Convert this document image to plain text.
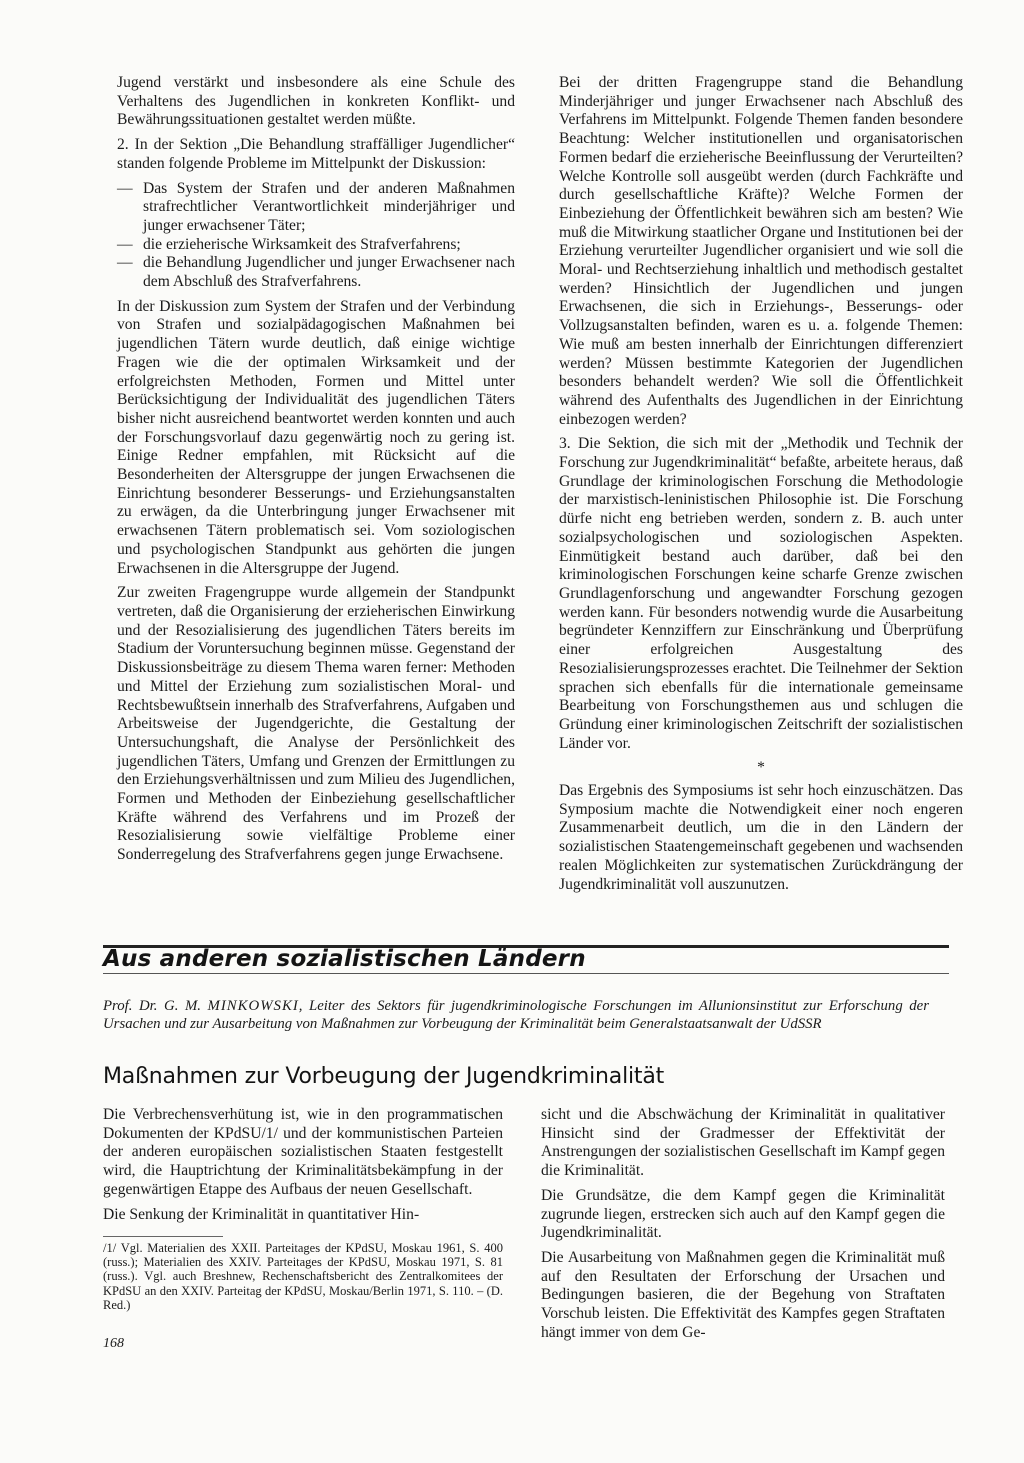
Jugend verstärkt und insbesondere als eine Schule des Verhaltens des Jugendlichen in konkreten Konflikt- und Bewährungssituationen gestaltet werden müßte.

2. In der Sektion „Die Behandlung straffälliger Jugendlicher“ standen folgende Probleme im Mittelpunkt der Diskussion:

— Das System der Strafen und der anderen Maßnahmen strafrechtlicher Verantwortlichkeit minderjähriger und junger erwachsener Täter;
— die erzieherische Wirksamkeit des Strafverfahrens;
— die Behandlung Jugendlicher und junger Erwachsener nach dem Abschluß des Strafverfahrens.

In der Diskussion zum System der Strafen und der Verbindung von Strafen und sozialpädagogischen Maßnahmen bei jugendlichen Tätern wurde deutlich, daß einige wichtige Fragen wie die der optimalen Wirksamkeit und der erfolgreichsten Methoden, Formen und Mittel unter Berücksichtigung der Individualität des jugendlichen Täters bisher nicht ausreichend beantwortet werden konnten und auch der Forschungsvorlauf dazu gegenwärtig noch zu gering ist. Einige Redner empfahlen, mit Rücksicht auf die Besonderheiten der Altersgruppe der jungen Erwachsenen die Einrichtung besonderer Besserungs- und Erziehungsanstalten zu erwägen, da die Unterbringung junger Erwachsener mit erwachsenen Tätern problematisch sei. Vom soziologischen und psychologischen Standpunkt aus gehörten die jungen Erwachsenen in die Altersgruppe der Jugend.

Zur zweiten Fragengruppe wurde allgemein der Standpunkt vertreten, daß die Organisierung der erzieherischen Einwirkung und der Resozialisierung des jugendlichen Täters bereits im Stadium der Voruntersuchung beginnen müsse. Gegenstand der Diskussionsbeiträge zu diesem Thema waren ferner: Methoden und Mittel der Erziehung zum sozialistischen Moral- und Rechtsbewußtsein innerhalb des Strafverfahrens, Aufgaben und Arbeitsweise der Jugendgerichte, die Gestaltung der Untersuchungshaft, die Analyse der Persönlichkeit des jugendlichen Täters, Umfang und Grenzen der Ermittlungen zu den Erziehungsverhältnissen und zum Milieu des Jugendlichen, Formen und Methoden der Einbeziehung gesellschaftlicher Kräfte während des Verfahrens und im Prozeß der Resozialisierung sowie vielfältige Probleme einer Sonderregelung des Strafverfahrens gegen junge Erwachsene.

Bei der dritten Fragengruppe stand die Behandlung Minderjähriger und junger Erwachsener nach Abschluß des Verfahrens im Mittelpunkt. Folgende Themen fanden besondere Beachtung: Welcher institutionellen und organisatorischen Formen bedarf die erzieherische Beeinflussung der Verurteilten? Welche Kontrolle soll ausgeübt werden (durch Fachkräfte und durch gesellschaftliche Kräfte)? Welche Formen der Einbeziehung der Öffentlichkeit bewähren sich am besten? Wie muß die Mitwirkung staatlicher Organe und Institutionen bei der Erziehung verurteilter Jugendlicher organisiert und wie soll die Moral- und Rechtserziehung inhaltlich und methodisch gestaltet werden? Hinsichtlich der Jugendlichen und jungen Erwachsenen, die sich in Erziehungs-, Besserungs- oder Vollzugsanstalten befinden, waren es u. a. folgende Themen: Wie muß am besten innerhalb der Einrichtungen differenziert werden? Müssen bestimmte Kategorien der Jugendlichen besonders behandelt werden? Wie soll die Öffentlichkeit während des Aufenthalts des Jugendlichen in der Einrichtung einbezogen werden?

3. Die Sektion, die sich mit der „Methodik und Technik der Forschung zur Jugendkriminalität“ befaßte, arbeitete heraus, daß Grundlage der kriminologischen Forschung die Methodologie der marxistisch-leninistischen Philosophie ist. Die Forschung dürfe nicht eng betrieben werden, sondern z. B. auch unter sozialpsychologischen und soziologischen Aspekten. Einmütigkeit bestand auch darüber, daß bei den kriminologischen Forschungen keine scharfe Grenze zwischen Grundlagenforschung und angewandter Forschung gezogen werden kann. Für besonders notwendig wurde die Ausarbeitung begründeter Kennziffern zur Einschränkung und Überprüfung einer erfolgreichen Ausgestaltung des Resozialisierungsprozesses erachtet. Die Teilnehmer der Sektion sprachen sich ebenfalls für die internationale gemeinsame Bearbeitung von Forschungsthemen aus und schlugen die Gründung einer kriminologischen Zeitschrift der sozialistischen Länder vor.

*

Das Ergebnis des Symposiums ist sehr hoch einzuschätzen. Das Symposium machte die Notwendigkeit einer noch engeren Zusammenarbeit deutlich, um die in den Ländern der sozialistischen Staatengemeinschaft gegebenen und wachsenden realen Möglichkeiten zur systematischen Zurückdrängung der Jugendkriminalität voll auszunutzen.

Aus anderen sozialistischen Ländern
Prof. Dr. G. M. MINKOWSKI, Leiter des Sektors für jugendkriminologische Forschungen im Allunionsinstitut zur Erforschung der Ursachen und zur Ausarbeitung von Maßnahmen zur Vorbeugung der Kriminalität beim Generalstaatsanwalt der UdSSR
Maßnahmen zur Vorbeugung der Jugendkriminalität

Die Verbrechensverhütung ist, wie in den programmatischen Dokumenten der KPdSU/1/ und der kommunistischen Parteien der anderen europäischen sozialistischen Staaten festgestellt wird, die Hauptrichtung der Kriminalitätsbekämpfung in der gegenwärtigen Etappe des Aufbaus der neuen Gesellschaft.

Die Senkung der Kriminalität in quantitativer Hin-

/1/ Vgl. Materialien des XXII. Parteitages der KPdSU, Moskau 1961, S. 400 (russ.); Materialien des XXIV. Parteitages der KPdSU, Moskau 1971, S. 81 (russ.). Vgl. auch Breshnew, Rechenschaftsbericht des Zentralkomitees der KPdSU an den XXIV. Parteitag der KPdSU, Moskau/Berlin 1971, S. 110. – (D. Red.)

sicht und die Abschwächung der Kriminalität in qualitativer Hinsicht sind der Gradmesser der Effektivität der Anstrengungen der sozialistischen Gesellschaft im Kampf gegen die Kriminalität.

Die Grundsätze, die dem Kampf gegen die Kriminalität zugrunde liegen, erstrecken sich auch auf den Kampf gegen die Jugendkriminalität.

Die Ausarbeitung von Maßnahmen gegen die Kriminalität muß auf den Resultaten der Erforschung der Ursachen und Bedingungen basieren, die der Begehung von Straftaten Vorschub leisten. Die Effektivität des Kampfes gegen Straftaten hängt immer von dem Ge-

168
